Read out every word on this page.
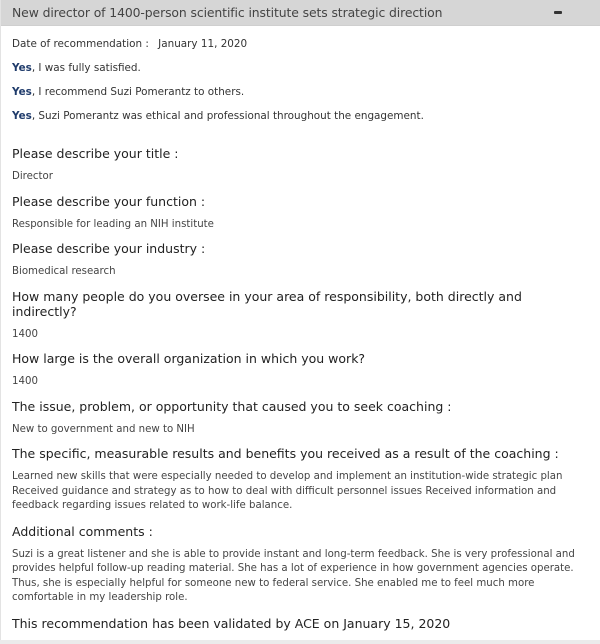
New director of 1400-person scientific institute sets strategic direction

Date of recommendation : January 11, 2020

Yes, I was fully satisfied.

Yes, I recommend Suzi Pomerantz to others.

Yes, Suzi Pomerantz was ethical and professional throughout the engagement.

Please describe your title :

Director

Please describe your function :

Responsible for leading an NIH institute

Please describe your industry :

Biomedical research

How many people do you oversee in your area of responsibility, both directly and indirectly?

1400

How large is the overall organization in which you work?

1400

The issue, problem, or opportunity that caused you to seek coaching :

New to government and new to NIH

The specific, measurable results and benefits you received as a result of the coaching :

Learned new skills that were especially needed to develop and implement an institution-wide strategic plan Received guidance and strategy as to how to deal with difficult personnel issues Received information and feedback regarding issues related to work-life balance.

Additional comments :

Suzi is a great listener and she is able to provide instant and long-term feedback. She is very professional and provides helpful follow-up reading material. She has a lot of experience in how government agencies operate. Thus, she is especially helpful for someone new to federal service. She enabled me to feel much more comfortable in my leadership role.

This recommendation has been validated by ACE on January 15, 2020
